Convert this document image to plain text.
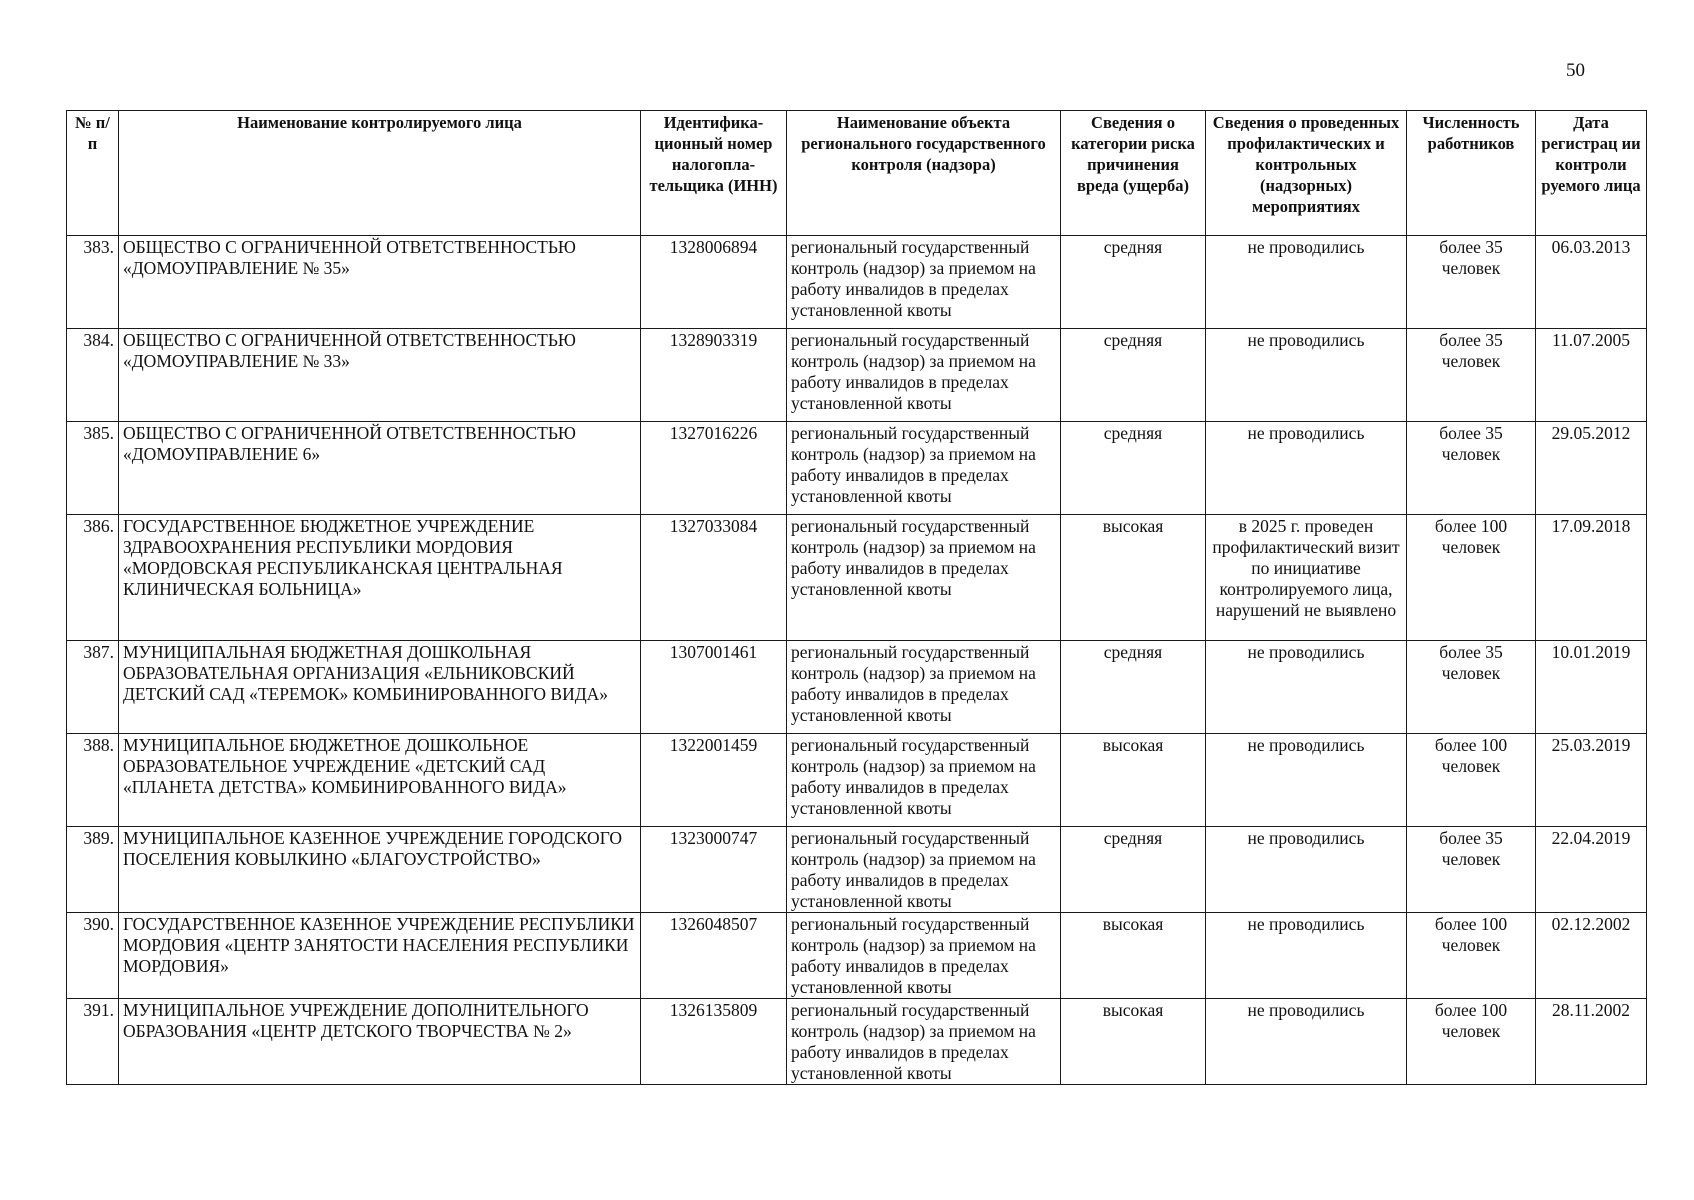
50
№ п/п	Наименование контролируемого лица	Идентифика-ционный номер налогопла-тельщика (ИНН)	Наименование объекта регионального государственного контроля (надзора)	Сведения о категории риска причинения вреда (ущерба)	Сведения о проведенных профилактических и контрольных (надзорных) мероприятиях	Численность работников	Дата регистрац ии контроли руемого лица
383.	ОБЩЕСТВО С ОГРАНИЧЕННОЙ ОТВЕТСТВЕННОСТЬЮ «ДОМОУПРАВЛЕНИЕ № 35»	1328006894	региональный государственный контроль (надзор) за приемом на работу инвалидов в пределах установленной квоты	средняя	не проводились	более 35 человек	06.03.2013
384.	ОБЩЕСТВО С ОГРАНИЧЕННОЙ ОТВЕТСТВЕННОСТЬЮ «ДОМОУПРАВЛЕНИЕ № 33»	1328903319	региональный государственный контроль (надзор) за приемом на работу инвалидов в пределах установленной квоты	средняя	не проводились	более 35 человек	11.07.2005
385.	ОБЩЕСТВО С ОГРАНИЧЕННОЙ ОТВЕТСТВЕННОСТЬЮ «ДОМОУПРАВЛЕНИЕ 6»	1327016226	региональный государственный контроль (надзор) за приемом на работу инвалидов в пределах установленной квоты	средняя	не проводились	более 35 человек	29.05.2012
386.	ГОСУДАРСТВЕННОЕ БЮДЖЕТНОЕ УЧРЕЖДЕНИЕ ЗДРАВООХРАНЕНИЯ РЕСПУБЛИКИ МОРДОВИЯ «МОРДОВСКАЯ РЕСПУБЛИКАНСКАЯ ЦЕНТРАЛЬНАЯ КЛИНИЧЕСКАЯ БОЛЬНИЦА»	1327033084	региональный государственный контроль (надзор) за приемом на работу инвалидов в пределах установленной квоты	высокая	в 2025 г. проведен профилактический визит по инициативе контролируемого лица, нарушений не выявлено	более 100 человек	17.09.2018
387.	МУНИЦИПАЛЬНАЯ БЮДЖЕТНАЯ ДОШКОЛЬНАЯ ОБРАЗОВАТЕЛЬНАЯ ОРГАНИЗАЦИЯ «ЕЛЬНИКОВСКИЙ ДЕТСКИЙ САД «ТЕРЕМОК» КОМБИНИРОВАННОГО ВИДА»	1307001461	региональный государственный контроль (надзор) за приемом на работу инвалидов в пределах установленной квоты	средняя	не проводились	более 35 человек	10.01.2019
388.	МУНИЦИПАЛЬНОЕ БЮДЖЕТНОЕ ДОШКОЛЬНОЕ ОБРАЗОВАТЕЛЬНОЕ УЧРЕЖДЕНИЕ «ДЕТСКИЙ САД «ПЛАНЕТА ДЕТСТВА» КОМБИНИРОВАННОГО ВИДА»	1322001459	региональный государственный контроль (надзор) за приемом на работу инвалидов в пределах установленной квоты	высокая	не проводились	более 100 человек	25.03.2019
389.	МУНИЦИПАЛЬНОЕ КАЗЕННОЕ УЧРЕЖДЕНИЕ ГОРОДСКОГО ПОСЕЛЕНИЯ КОВЫЛКИНО «БЛАГОУСТРОЙСТВО»	1323000747	региональный государственный контроль (надзор) за приемом на работу инвалидов в пределах установленной квоты	средняя	не проводились	более 35 человек	22.04.2019
390.	ГОСУДАРСТВЕННОЕ КАЗЕННОЕ УЧРЕЖДЕНИЕ РЕСПУБЛИКИ МОРДОВИЯ «ЦЕНТР ЗАНЯТОСТИ НАСЕЛЕНИЯ РЕСПУБЛИКИ МОРДОВИЯ»	1326048507	региональный государственный контроль (надзор) за приемом на работу инвалидов в пределах установленной квоты	высокая	не проводились	более 100 человек	02.12.2002
391.	МУНИЦИПАЛЬНОЕ УЧРЕЖДЕНИЕ ДОПОЛНИТЕЛЬНОГО ОБРАЗОВАНИЯ «ЦЕНТР ДЕТСКОГО ТВОРЧЕСТВА № 2»	1326135809	региональный государственный контроль (надзор) за приемом на работу инвалидов в пределах установленной квоты	высокая	не проводились	более 100 человек	28.11.2002
